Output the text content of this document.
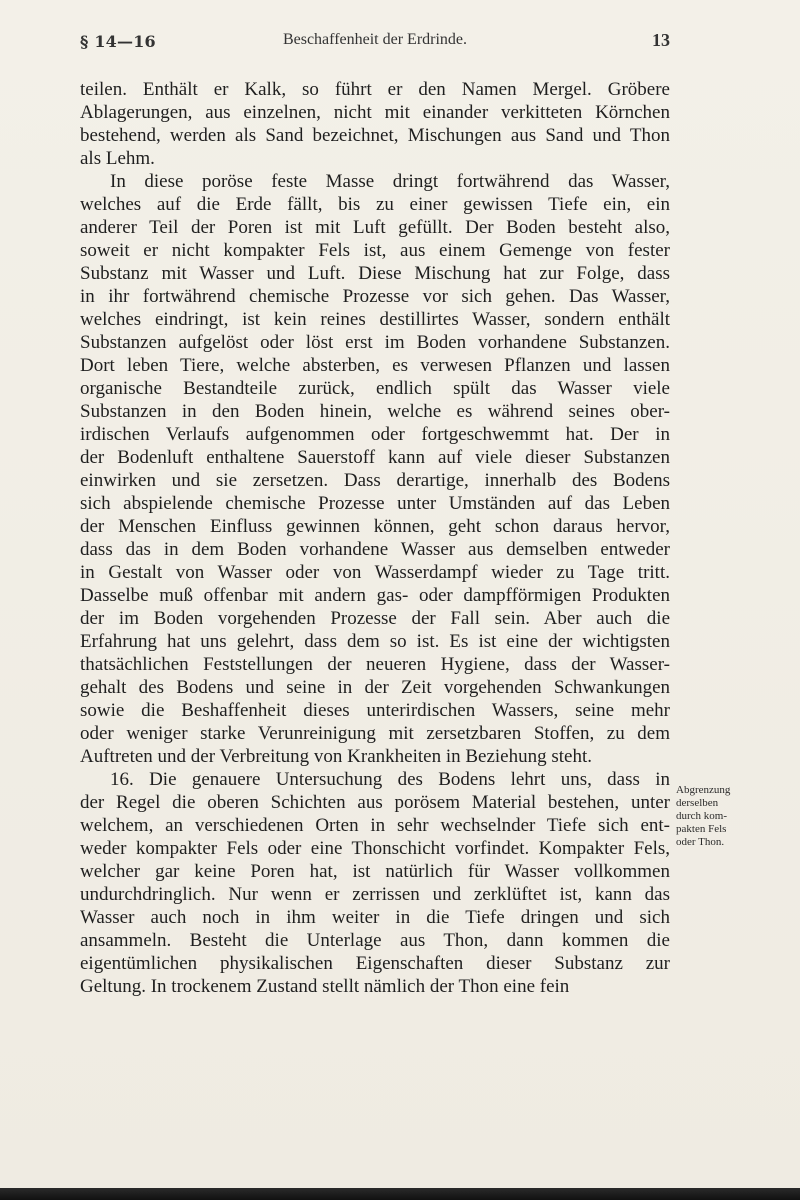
§ 14—16	Beschaffenheit der Erdrinde.	13
teilen. Enthält er Kalk, so führt er den Namen Mergel. Gröbere
Ablagerungen, aus einzelnen, nicht mit einander verkitteten Körnchen
bestehend, werden als Sand bezeichnet, Mischungen aus Sand und Thon
als Lehm.
In diese poröse feste Masse dringt fortwährend das Wasser,
welches auf die Erde fällt, bis zu einer gewissen Tiefe ein, ein
anderer Teil der Poren ist mit Luft gefüllt. Der Boden besteht also,
soweit er nicht kompakter Fels ist, aus einem Gemenge von fester
Substanz mit Wasser und Luft. Diese Mischung hat zur Folge, dass
in ihr fortwährend chemische Prozesse vor sich gehen. Das Wasser,
welches eindringt, ist kein reines destillirtes Wasser, sondern enthält
Substanzen aufgelöst oder löst erst im Boden vorhandene Substanzen.
Dort leben Tiere, welche absterben, es verwesen Pflanzen und lassen
organische Bestandteile zurück, endlich spült das Wasser viele
Substanzen in den Boden hinein, welche es während seines ober-
irdischen Verlaufs aufgenommen oder fortgeschwemmt hat. Der in
der Bodenluft enthaltene Sauerstoff kann auf viele dieser Substanzen
einwirken und sie zersetzen. Dass derartige, innerhalb des Bodens
sich abspielende chemische Prozesse unter Umständen auf das Leben
der Menschen Einfluss gewinnen können, geht schon daraus hervor,
dass das in dem Boden vorhandene Wasser aus demselben entweder
in Gestalt von Wasser oder von Wasserdampf wieder zu Tage tritt.
Dasselbe muß offenbar mit andern gas- oder dampfförmigen Produkten
der im Boden vorgehenden Prozesse der Fall sein. Aber auch die
Erfahrung hat uns gelehrt, dass dem so ist. Es ist eine der wichtigsten
thatsächlichen Feststellungen der neueren Hygiene, dass der Wasser-
gehalt des Bodens und seine in der Zeit vorgehenden Schwankungen
sowie die Beshaffenheit dieses unterirdischen Wassers, seine mehr
oder weniger starke Verunreinigung mit zersetzbaren Stoffen, zu dem
Auftreten und der Verbreitung von Krankheiten in Beziehung steht.
16. Die genauere Untersuchung des Bodens lehrt uns, dass in
der Regel die oberen Schichten aus porösem Material bestehen, unter
welchem, an verschiedenen Orten in sehr wechselnder Tiefe sich ent-
weder kompakter Fels oder eine Thonschicht vorfindet. Kompakter Fels,
welcher gar keine Poren hat, ist natürlich für Wasser vollkommen
undurchdringlich. Nur wenn er zerrissen und zerklüftet ist, kann das
Wasser auch noch in ihm weiter in die Tiefe dringen und sich
ansammeln. Besteht die Unterlage aus Thon, dann kommen die
eigentümlichen physikalischen Eigenschaften dieser Substanz zur
Geltung. In trockenem Zustand stellt nämlich der Thon eine fein
Abgrenzung
derselben
durch kom-
pakten Fels
oder Thon.
